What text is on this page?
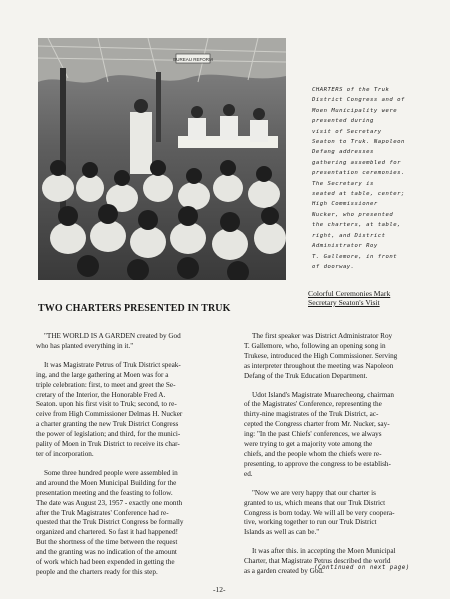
BUREAU REFORM
CHARTERS of the Truk
District Congress and of
Moen Municipality were
presented during
visit of Secretary
Seaton to Truk. Napoleon
Defang addresses
gathering assembled for
presentation ceremonies.
The Secretary is
seated at table, center;
High Commissioner
Nucker, who presented
the charters, at table,
right, and District
Administrator Roy
T. Gallemore, in front
of doorway.
Colorful Ceremonies Mark
Secretary Seaton's Visit
TWO CHARTERS PRESENTED IN TRUK
"THE WORLD IS A GARDEN created by God
who has planted everything in it."
It was Magistrate Petrus of Truk District speak-
ing, and the large gathering at Moen was for a
triple celebration: first, to meet and greet the Se-
cretary of the Interior, the Honorable Fred A.
Seaton. upon his first visit to Truk; second, to re-
ceive from High Commissioner Delmas H. Nucker
a charter granting the new Truk District Congress
the power of legislation; and third, for the munici-
pality of Moen in Truk District to receive its char-
ter of incorporation.
Some three hundred people were assembled in
and around the Moen Municipal Building for the
presentation meeting and the feasting to follow.
The date was August 23, 1957 - exactly one month
after the Truk Magistrates' Conference had re-
quested that the Truk District Congress be formally
organized and chartered. So fast it had happened!
But the shortness of the time between the request
and the granting was no indication of the amount
of work which had been expended in getting the
people and the charters ready for this step.
The first speaker was District Administrator Roy
T. Gallemore, who, following an opening song in
Trukese, introduced the High Commissioner. Serving
as interpreter throughout the meeting was Napoleon
Defang of the Truk Education Department.
Udot Island's Magistrate Muarecheong, chairman
of the Magistrates' Conference, representing the
thirty-nine magistrates of the Truk District, ac-
cepted the Congress charter from Mr. Nucker, say-
ing: "In the past Chiefs' conferences, we always
were trying to get a majority vote among the
chiefs, and the people whom the chiefs were re-
presenting, to approve the congress to be establish-
ed.
"Now we are very happy that our charter is
granted to us, which means that our Truk District
Congress is born today. We will all be very coopera-
tive, working together to run our Truk District
Islands as well as can be."
It was after this. in accepting the Moen Municipal
Charter, that Magistrate Petrus described the world
as a garden created by God.
(Continued on next page)
-12-
